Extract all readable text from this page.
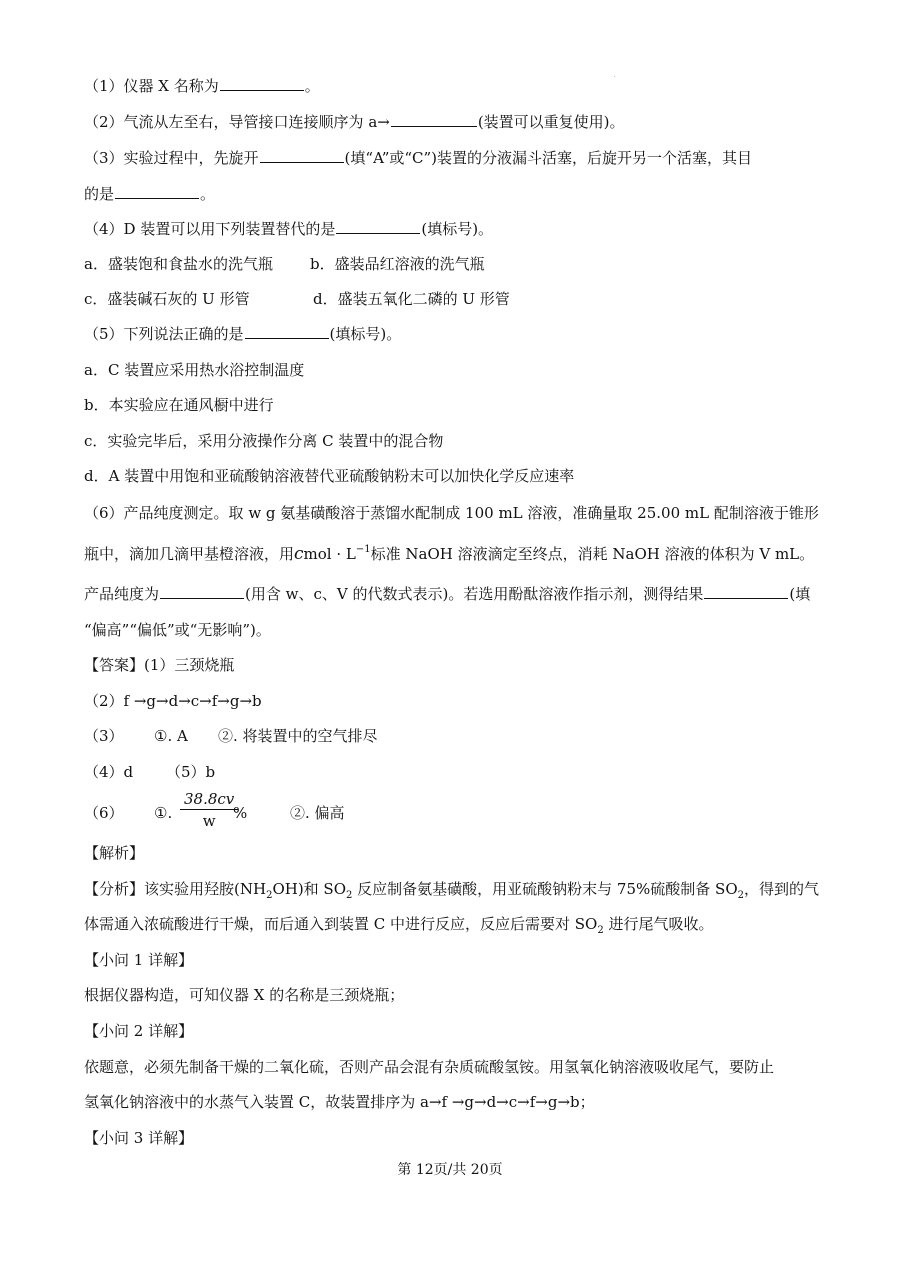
（1）仪器 X 名称为	。
（2）气流从左至右，导管接口连接顺序为 a→	(装置可以重复使用)。
（3）实验过程中，先旋开	(填“A”或“C”)装置的分液漏斗活塞，后旋开另一个活塞，其目
的是	。
（4）D 装置可以用下列装置替代的是	(填标号)。
a．盛装饱和食盐水的洗气瓶 b．盛装品红溶液的洗气瓶
c．盛装碱石灰的 U 形管	d．盛装五氧化二磷的 U 形管
（5）下列说法正确的是	(填标号)。
a．C 装置应采用热水浴控制温度
b．本实验应在通风橱中进行
c．实验完毕后，采用分液操作分离 C 装置中的混合物
d．A 装置中用饱和亚硫酸钠溶液替代亚硫酸钠粉末可以加快化学反应速率
（6）产品纯度测定。取 w g 氨基磺酸溶于蒸馏水配制成 100 mL 溶液，准确量取 25.00 mL 配制溶液于锥形
瓶中，滴加几滴甲基橙溶液，用cmol · $L^{-1}$标准 NaOH 溶液滴定至终点，消耗 NaOH 溶液的体积为 V mL。
产品纯度为	(用含 w、c、V 的代数式表示)。若选用酚酞溶液作指示剂，测得结果	(填
“偏高”“偏低”或“无影响”)。
【答案】(1）三颈烧瓶
（2）f →g→d→c→f→g→b
（3） ①. A ②. 将装置中的空气排尽
（4）d （5）b
（6） ①. $\frac{38.8cv}{w}$
%	②. 偏高
【解析】
【分析】该实验用羟胺$(NH_2OH)$和 $SO_2$ 反应制备氨基磺酸，用亚硫酸钠粉末与 75%硫酸制备 $SO_2$，得到的气
体需通入浓硫酸进行干燥，而后通入到装置 C 中进行反应，反应后需要对 $SO_2$ 进行尾气吸收。
【小问 1 详解】
根据仪器构造，可知仪器 X 的名称是三颈烧瓶；
【小问 2 详解】
依题意，必须先制备干燥的二氧化硫，否则产品会混有杂质硫酸氢铵。用氢氧化钠溶液吸收尾气，要防止
氢氧化钠溶液中的水蒸气入装置 C，故装置排序为 a→f →g→d→c→f→g→b；
【小问 3 详解】
第 12页/共 20页
